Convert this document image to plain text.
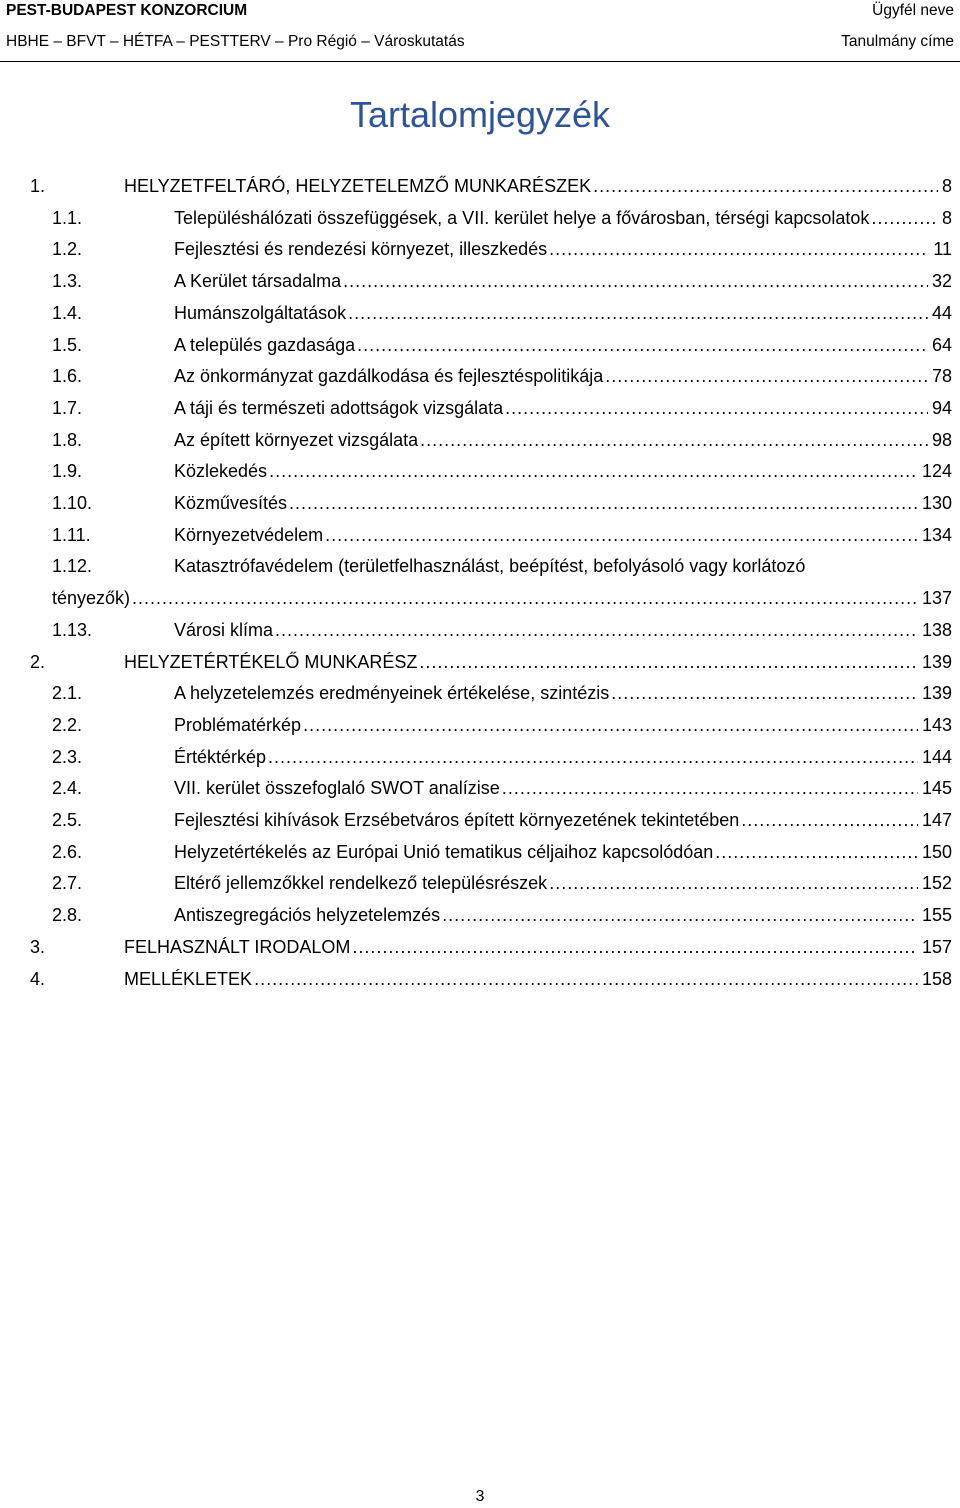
PEST-BUDAPEST KONZORCIUM	Ügyfél neve
HBHE – BFVT – HÉTFA – PESTTERV – Pro Régió – Városkutatás	Tanulmány címe
Tartalomjegyzék
1.	HELYZETFELTÁRÓ, HELYZETELEMZŐ MUNKARÉSZEK .....	8
1.1.	Településhálózati összefüggések, a VII. kerület helye a fővárosban, térségi kapcsolatok .....	8
1.2.	Fejlesztési és rendezési környezet, illeszkedés .....	11
1.3.	A Kerület társadalma .....	32
1.4.	Humánszolgáltatások .....	44
1.5.	A település gazdasága .....	64
1.6.	Az önkormányzat gazdálkodása és fejlesztéspolitikája .....	78
1.7.	A táji és természeti adottságok vizsgálata .....	94
1.8.	Az épített környezet vizsgálata .....	98
1.9.	Közlekedés .....	124
1.10.	Közművesítés .....	130
1.11.	Környezetvédelem .....	134
1.12.	Katasztrófavédelem (területfelhasználást, beépítést, befolyásoló vagy korlátozó
tényezők) .....	137
1.13.	Városi klíma .....	138
2.	HELYZETÉRTÉKELŐ MUNKARÉSZ .....	139
2.1.	A helyzetelemzés eredményeinek értékelése, szintézis .....	139
2.2.	Problématérkép .....	143
2.3.	Értéktérkép .....	144
2.4.	VII. kerület összefoglaló SWOT analízise .....	145
2.5.	Fejlesztési kihívások Erzsébetváros épített környezetének tekintetében .....	147
2.6.	Helyzetértékelés az Európai Unió tematikus céljaihoz kapcsolódóan .....	150
2.7.	Eltérő jellemzőkkel rendelkező településrészek .....	152
2.8.	Antiszegregációs helyzetelemzés .....	155
3.	FELHASZNÁLT IRODALOM .....	157
4.	MELLÉKLETEK .....	158
3
